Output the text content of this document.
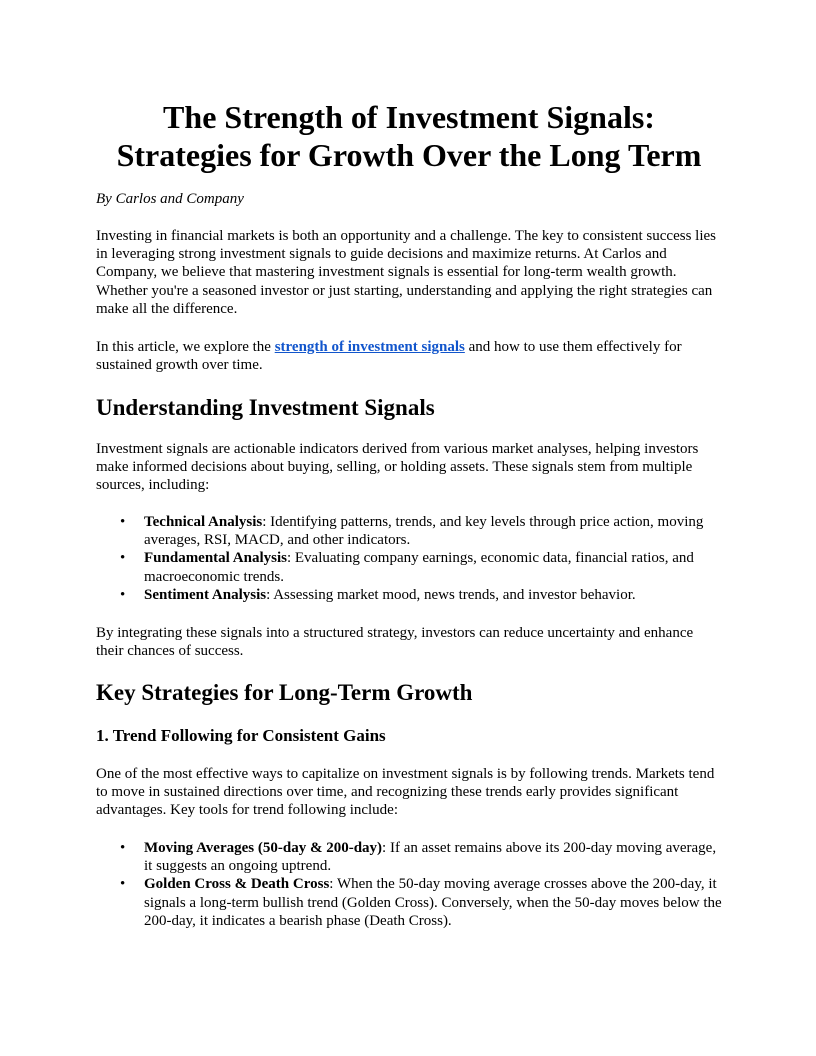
The Strength of Investment Signals:
Strategies for Growth Over the Long Term

By Carlos and Company

Investing in financial markets is both an opportunity and a challenge. The key to consistent success lies in leveraging strong investment signals to guide decisions and maximize returns. At Carlos and Company, we believe that mastering investment signals is essential for long-term wealth growth. Whether you're a seasoned investor or just starting, understanding and applying the right strategies can make all the difference.

In this article, we explore the strength of investment signals and how to use them effectively for sustained growth over time.

Understanding Investment Signals

Investment signals are actionable indicators derived from various market analyses, helping investors make informed decisions about buying, selling, or holding assets. These signals stem from multiple sources, including:

• Technical Analysis: Identifying patterns, trends, and key levels through price action, moving averages, RSI, MACD, and other indicators.
• Fundamental Analysis: Evaluating company earnings, economic data, financial ratios, and macroeconomic trends.
• Sentiment Analysis: Assessing market mood, news trends, and investor behavior.

By integrating these signals into a structured strategy, investors can reduce uncertainty and enhance their chances of success.

Key Strategies for Long-Term Growth
1. Trend Following for Consistent Gains

One of the most effective ways to capitalize on investment signals is by following trends. Markets tend to move in sustained directions over time, and recognizing these trends early provides significant advantages. Key tools for trend following include:

• Moving Averages (50-day & 200-day): If an asset remains above its 200-day moving average, it suggests an ongoing uptrend.
• Golden Cross & Death Cross: When the 50-day moving average crosses above the 200-day, it signals a long-term bullish trend (Golden Cross). Conversely, when the 50-day moves below the 200-day, it indicates a bearish phase (Death Cross).
